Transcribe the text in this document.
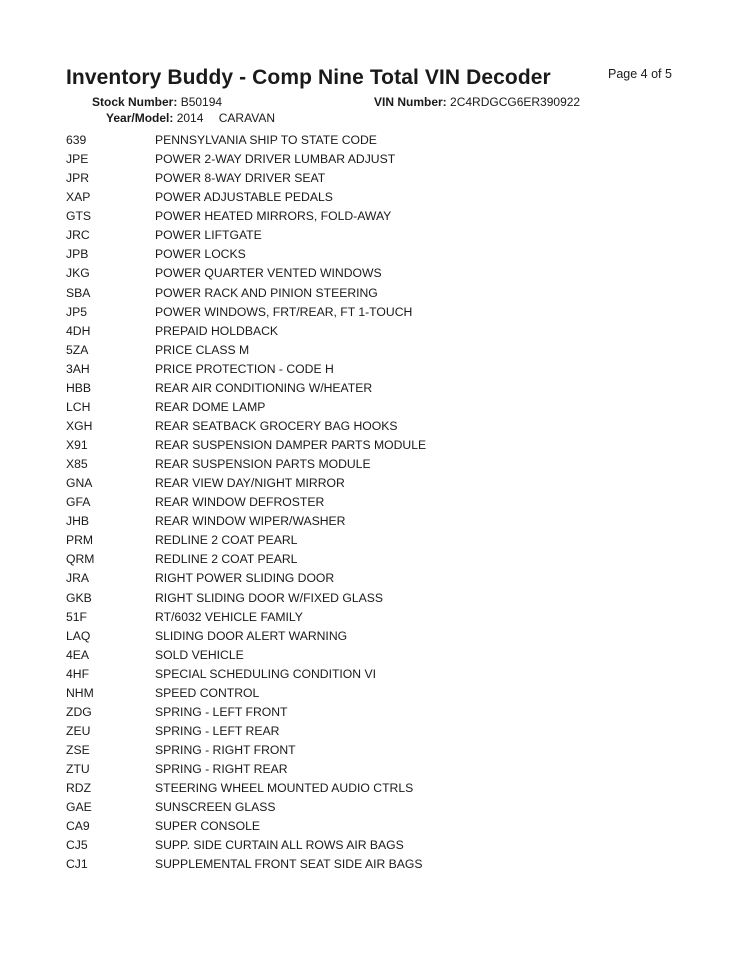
Inventory Buddy - Comp Nine Total VIN Decoder	Page 4 of 5
Stock Number: B50194
Year/Model: 2014 CARAVAN
VIN Number: 2C4RDGCG6ER390922
639	PENNSYLVANIA SHIP TO STATE CODE
JPE	POWER 2-WAY DRIVER LUMBAR ADJUST
JPR	POWER 8-WAY DRIVER SEAT
XAP	POWER ADJUSTABLE PEDALS
GTS	POWER HEATED MIRRORS, FOLD-AWAY
JRC	POWER LIFTGATE
JPB	POWER LOCKS
JKG	POWER QUARTER VENTED WINDOWS
SBA	POWER RACK AND PINION STEERING
JP5	POWER WINDOWS, FRT/REAR, FT 1-TOUCH
4DH	PREPAID HOLDBACK
5ZA	PRICE CLASS M
3AH	PRICE PROTECTION - CODE H
HBB	REAR AIR CONDITIONING W/HEATER
LCH	REAR DOME LAMP
XGH	REAR SEATBACK GROCERY BAG HOOKS
X91	REAR SUSPENSION DAMPER PARTS MODULE
X85	REAR SUSPENSION PARTS MODULE
GNA	REAR VIEW DAY/NIGHT MIRROR
GFA	REAR WINDOW DEFROSTER
JHB	REAR WINDOW WIPER/WASHER
PRM	REDLINE 2 COAT PEARL
QRM	REDLINE 2 COAT PEARL
JRA	RIGHT POWER SLIDING DOOR
GKB	RIGHT SLIDING DOOR W/FIXED GLASS
51F	RT/6032 VEHICLE FAMILY
LAQ	SLIDING DOOR ALERT WARNING
4EA	SOLD VEHICLE
4HF	SPECIAL SCHEDULING CONDITION VI
NHM	SPEED CONTROL
ZDG	SPRING - LEFT FRONT
ZEU	SPRING - LEFT REAR
ZSE	SPRING - RIGHT FRONT
ZTU	SPRING - RIGHT REAR
RDZ	STEERING WHEEL MOUNTED AUDIO CTRLS
GAE	SUNSCREEN GLASS
CA9	SUPER CONSOLE
CJ5	SUPP. SIDE CURTAIN ALL ROWS AIR BAGS
CJ1	SUPPLEMENTAL FRONT SEAT SIDE AIR BAGS
